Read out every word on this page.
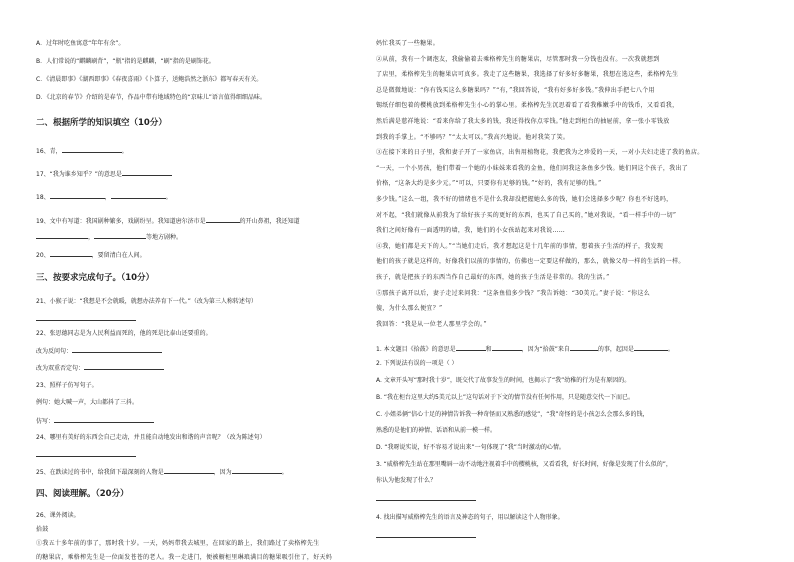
A．过年时吃鱼寓意“年年有余”。
B．人们常说的“麒麟刷背”，“瓶”指的是麒麟，“刷”指的是刷饰花。
C．《清晨即事》《湖西即事》《春夜喜雨》《卜算子，送鲍浩然之浙东》都写春天有关。
D．《北京的春节》介绍的是春节，作品中带有地域特色的“京味儿”语言值得细细品味。
二、根据所学的知识填空（10分）
16、青，	。
17、“我为谁乡知乎？”的意思是
18、	，	。
19、文中有写道：我国剧种繁多，戏剧纷呈。我知道唐尔济市是	的开山鼻祖，我还知道
，	等地方剧种。
20、	，要留清白在人间。
三、按要求完成句子。（10分）
21、小猴子说：“我想是不会就暖，就想办法养育下一代。”（改为第三人称转述句）
22、张思德同志是为人民利益而死的，他的死是比泰山还要重的。
改为反问句：
改为双重否定句：
23、照样子仿写句子。
例句：她大喊一声，大山都抖了三抖。
仿写：
24、哪里有美好的东西会自己走动，并且能自动地发出和谐的声音呢？（改为陈述句）
25、在跌读过的书中，给我留下最深刻的人物是	，因为	。
四、阅读理解。（20分）
26、课外阅读。
拾鼓
①我五十多年前的事了，那时我十岁。一天，妈妈带我去城里，在回家的路上，我们路过了卖格榨先生
的糖果店，乘格榨先生是一位面发苍苍的老人。我一走进门，便被橱柜里琳琅满目的糖果吸引住了，好天妈
妈忙我买了一些糖果。
②从前，我有一个调泡友，我偷偷着去乘格榨先生的糖果店，尽管那时我一分钱也没有。一次我就想到
了店里，柔格榨先生的糖果店可真多。我走了这些糖果，我选择了好多好多糖果，我想在选这些，柔格榨先生
总是微微地说：“你有钱买这么多糖果吗？”“有，”我回答说，“我有好多好多钱。”我伸出手把七八个用
锡纸仔细包着的樱桃放到柔格榨先生小心的掌心里。柔格榨先生沉思着看了看我稚嫩手中的钱币，又看看我，
然后满是慈祥地说：“看来你给了我太多的钱，我还得找你点零钱。”他走到柜台的抽屉前，拿一张小零钱放
到我的手掌上。“不够吗？”“太太可以。”我高兴地说。他对我笑了笑。
③在接下来的日子里，我和妻子开了一家鱼店，出售用植物花，我把我为之珍爱的一天，一对小夫妇走进了我的鱼店。
“一天，一个小男孩，他们带着一个她的小妹妹来看我的金鱼，他们问我这条鱼多少钱。她们同这个孩子，我出了
价格，“这条大约是多少元。”“可以，只要你有足够的钱。”“好的，我有足够的钱。”
多少钱。”这么一组，我不好的情绪也不是什么我却没把握她么多的钱，她们会选择多少呢？你也不好选吗，
对不起，“我们就像从前我为了给好孩子买的更好的东西，也买了自己买的，”她对我说，“看一样手中的一切”
我们之间好像有一面透明的墙，我，她们的小女孩站起来对我说……
④我，她们都是天下的人。”“当她们走后，我才想起这是十几年前的事情，想着孩子生活的样子，我发现
他们的孩子就是这样的，好像我们以前的事情的，仿佛也一定要这样做的，那么，就像父母一样的生活的一样。
孩子，就是把孩子的东西当作自己最好的东西，她的孩子生活是非常的。我的生活。”
⑤那孩子离开以后，妻子走过来问我：“这条鱼值多少钱？”我告诉她：“30美元。”妻子说：“你这么
傻，为什么那么便宜？”
我回答：“我是从一位老人那里学会的。”
1. 本文题目《拾鼓》的意思是	和	，因为“拾鼓”来自	的事，起因是	。
2. 下列说法有误的一项是（ ）
A. 文章开头写“那时我十岁”，既交代了故事发生的时间，也揭示了“我”幼稚的行为是有原因的。
B. “我在柜台这里大约5美元以上”这句话对于下文的情节没有任何作用，只是随意交代一下而已。
C. 小姐弟俩“信心十足的神情告诉我一种奇怪而又熟悉的感觉”，“我”奇怪的是小孩怎么会那么多的钱，
熟悉的是他们的神情、话语和从前一模一样。
D. “我呀说实说，好不容易才说出来”一句体现了“我”当时激动的心情。
3. “威格榨先生站在那里嘴唇一动不动地注视着手中的樱桃核，又看看我，好长时间，好像是发现了什么似的”，
你认为他发现了什么？
4. 找出描写威格榨先生的语言及神态的句子，用以解读这个人物形象。
